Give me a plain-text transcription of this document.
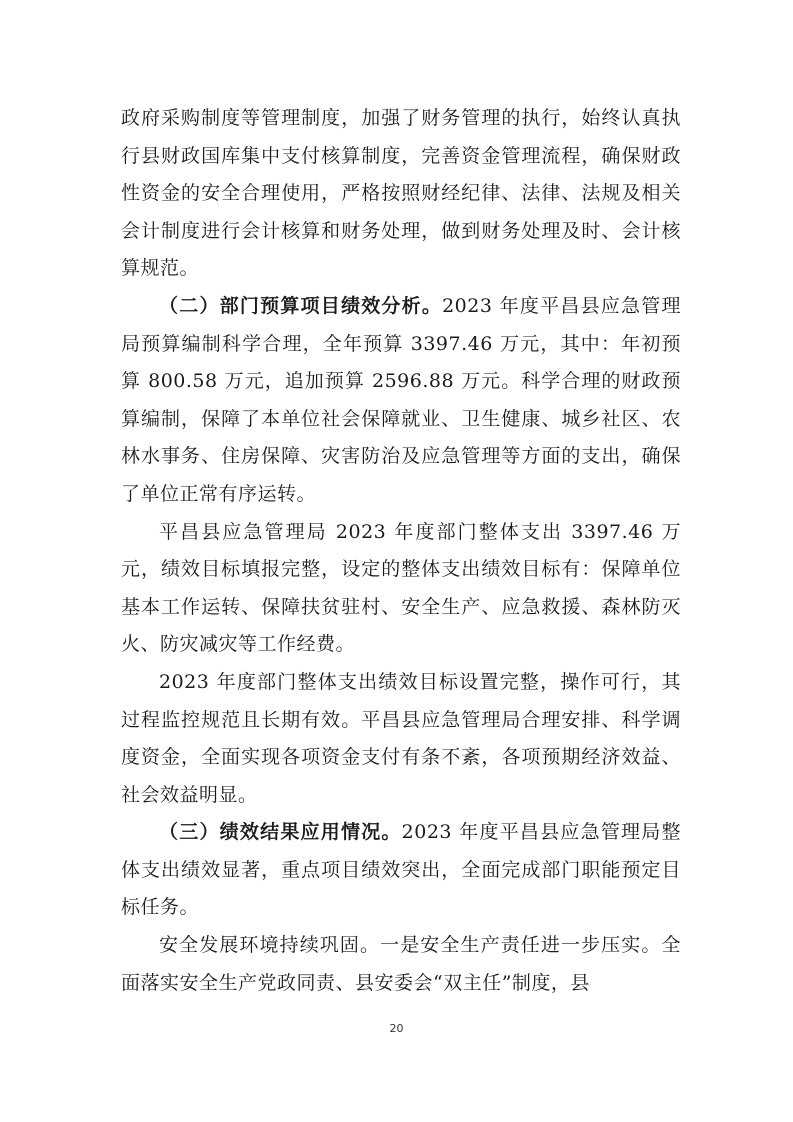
政府采购制度等管理制度，加强了财务管理的执行，始终认真执行县财政国库集中支付核算制度，完善资金管理流程，确保财政性资金的安全合理使用，严格按照财经纪律、法律、法规及相关会计制度进行会计核算和财务处理，做到财务处理及时、会计核算规范。

（二）部门预算项目绩效分析。2023 年度平昌县应急管理局预算编制科学合理，全年预算 3397.46 万元，其中：年初预算 800.58 万元，追加预算 2596.88 万元。科学合理的财政预算编制，保障了本单位社会保障就业、卫生健康、城乡社区、农林水事务、住房保障、灾害防治及应急管理等方面的支出，确保了单位正常有序运转。

平昌县应急管理局 2023 年度部门整体支出 3397.46 万元，绩效目标填报完整，设定的整体支出绩效目标有：保障单位基本工作运转、保障扶贫驻村、安全生产、应急救援、森林防灭火、防灾减灾等工作经费。

2023 年度部门整体支出绩效目标设置完整，操作可行，其过程监控规范且长期有效。平昌县应急管理局合理安排、科学调度资金，全面实现各项资金支付有条不紊，各项预期经济效益、社会效益明显。

（三）绩效结果应用情况。2023 年度平昌县应急管理局整体支出绩效显著，重点项目绩效突出，全面完成部门职能预定目标任务。

安全发展环境持续巩固。一是安全生产责任进一步压实。全面落实安全生产党政同责、县安委会“双主任”制度，县

20
